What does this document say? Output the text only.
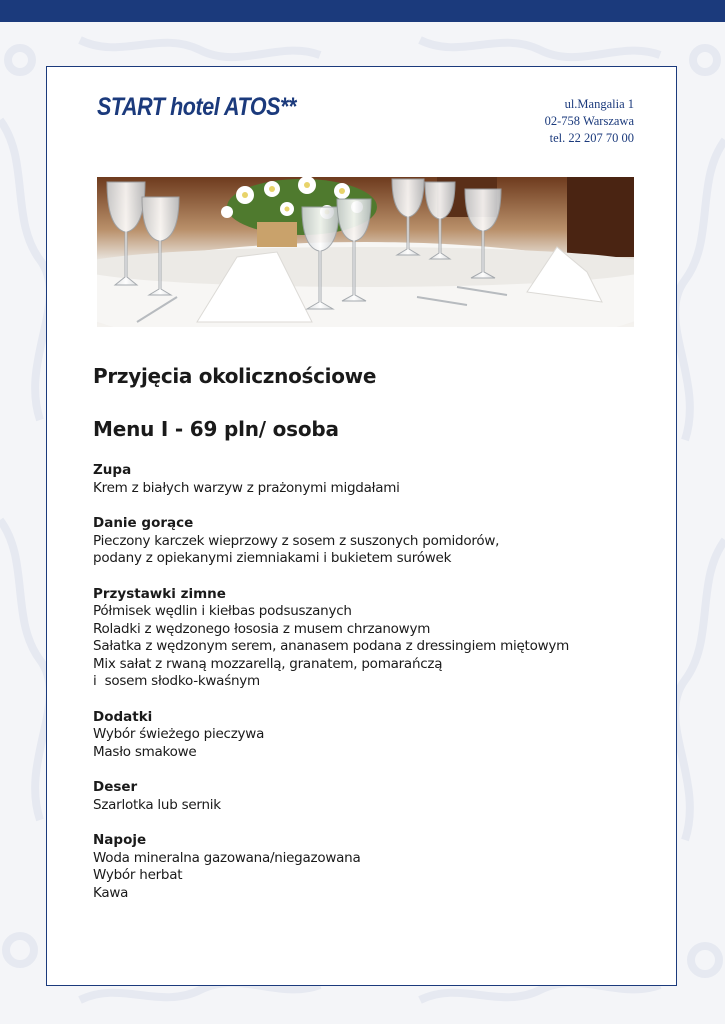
START hotel ATOS**	ul.Mangalia 1
02-758 Warszawa
tel. 22 207 70 00
Przyjęcia okolicznościowe
Menu I - 69 pln/ osoba
Zupa
Krem z białych warzyw z prażonymi migdałami
Danie gorące
Pieczony karczek wieprzowy z sosem z suszonych pomidorów,
podany z opiekanymi ziemniakami i bukietem surówek
Przystawki zimne
Półmisek wędlin i kiełbas podsuszanych
Roladki z wędzonego łososia z musem chrzanowym
Sałatka z wędzonym serem, ananasem podana z dressingiem miętowym
Mix sałat z rwaną mozzarellą, granatem, pomarańczą
i  sosem słodko-kwaśnym
Dodatki
Wybór świeżego pieczywa
Masło smakowe
Deser
Szarlotka lub sernik
Napoje
Woda mineralna gazowana/niegazowana
Wybór herbat
Kawa
